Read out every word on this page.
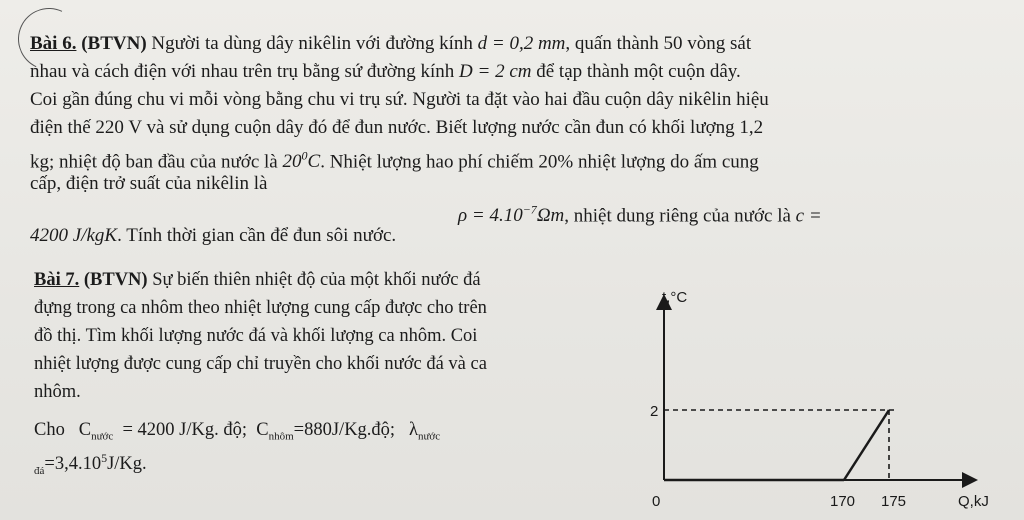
Bài 6. (BTVN) Người ta dùng dây nikêlin với đường kính d = 0,2 mm, quấn thành 50 vòng sát
nhau và cách điện với nhau trên trụ bằng sứ đường kính D = 2 cm để tạp thành một cuộn dây.
Coi gần đúng chu vi mỗi vòng bằng chu vi trụ sứ. Người ta đặt vào hai đầu cuộn dây nikêlin hiệu
điện thế 220 V và sử dụng cuộn dây đó để đun nước. Biết lượng nước cần đun có khối lượng 1,2
kg; nhiệt độ ban đầu của nước là $20^0C$. Nhiệt lượng hao phí chiếm 20% nhiệt lượng do ấm cung
cấp, điện trở suất của nikêlin là
$\rho = 4.10^{-7}\Omega m$, nhiệt dung riêng của nước là c =
4200 J/kgK. Tính thời gian cần để đun sôi nước.
Bài 7. (BTVN) Sự biến thiên nhiệt độ của một khối nước đá
đựng trong ca nhôm theo nhiệt lượng cung cấp được cho trên
đồ thị. Tìm khối lượng nước đá và khối lượng ca nhôm. Coi
nhiệt lượng được cung cấp chỉ truyền cho khối nước đá và ca
nhôm.
Cho $C_{nước} = 4200$ J/Kg. độ; $C_{nhôm}=880J/Kg.độ$; $\lambda_{nước}$
$_{đá}=3,4.10^5J/Kg$.
t,°C
Q,kJ
0	170 175
2
